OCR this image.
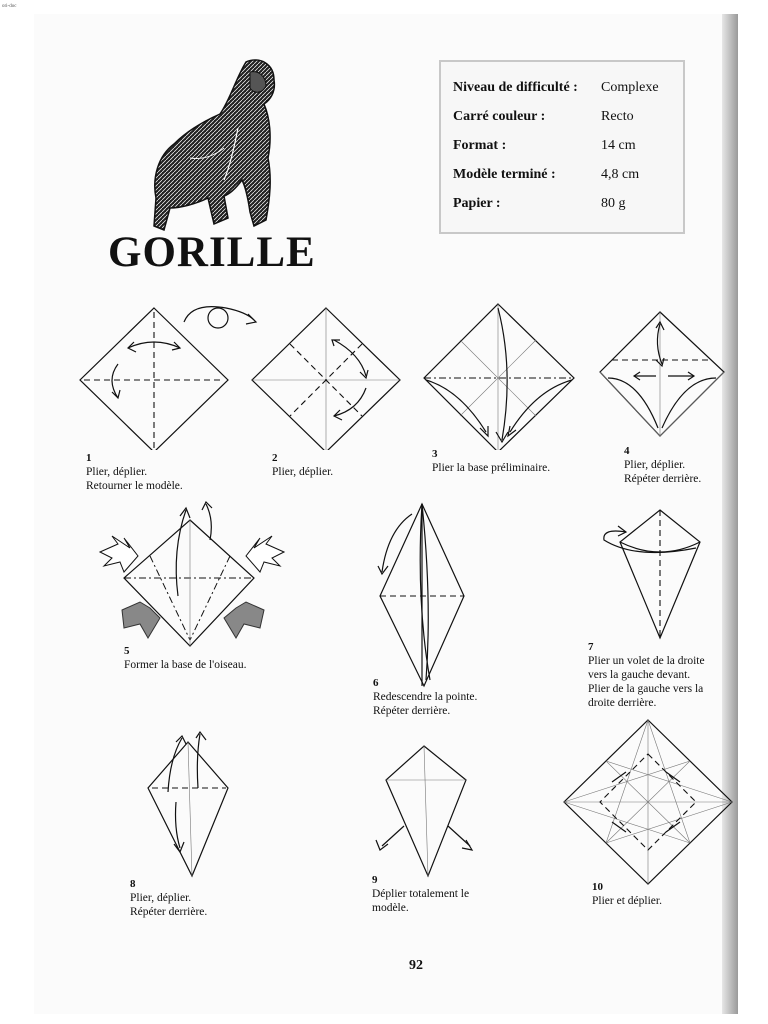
ori-doc
GORILLE
Niveau de difficulté : Complexe
Carré couleur :	Recto
Format :	14 cm
Modèle terminé :	4,8 cm
Papier :	80 g
1
Plier, déplier.
Retourner le modèle.
2
Plier, déplier.
3
Plier la base préliminaire.
4
Plier, déplier.
Répéter derrière.
5
Former la base de l'oiseau.
6
Redescendre la pointe.
Répéter derrière.
7
Plier un volet de la droite
vers la gauche devant.
Plier de la gauche vers la
droite derrière.
8
Plier, déplier.
Répéter derrière.
9
Déplier totalement le
modèle.
10
Plier et déplier.
92
